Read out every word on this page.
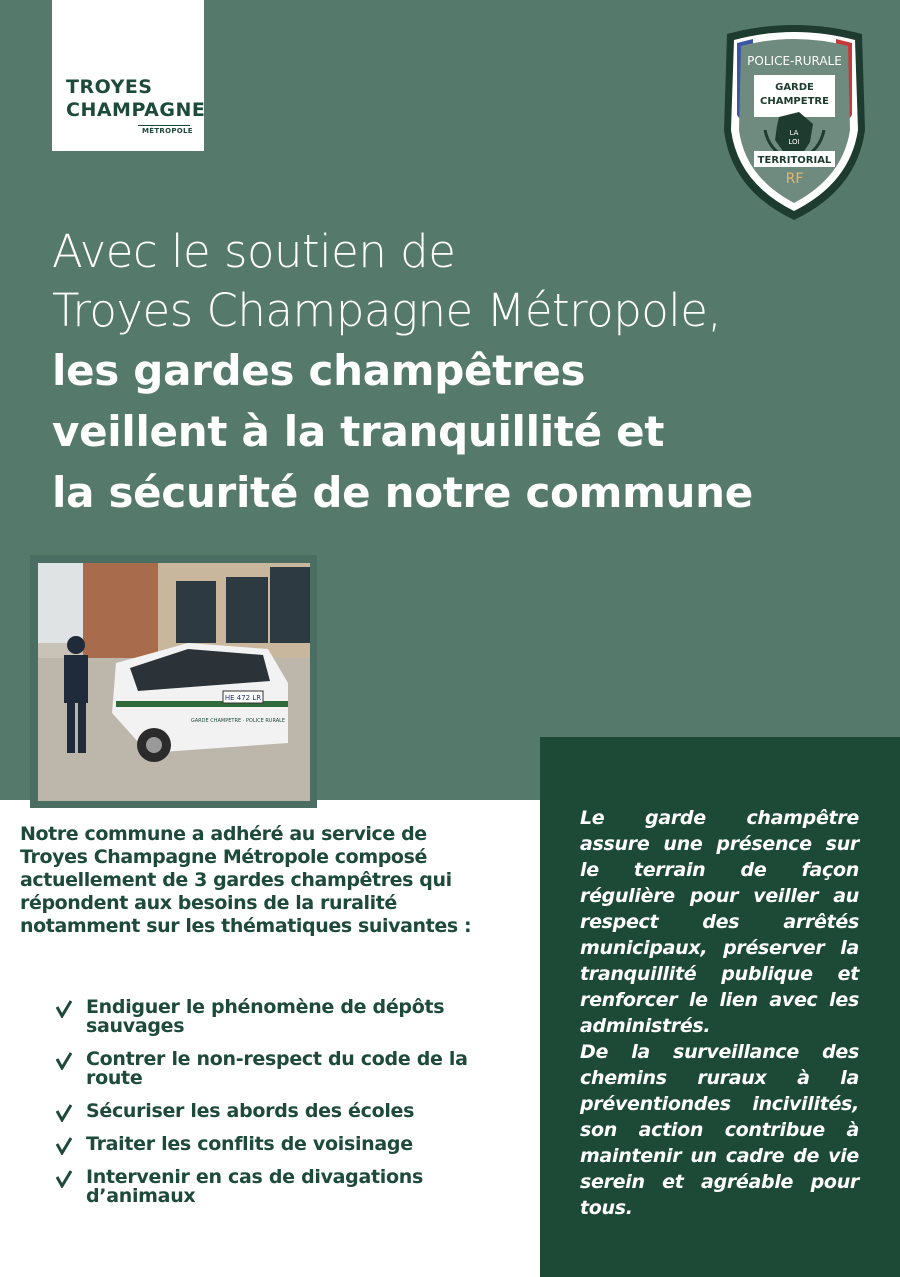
TROYES
CHAMPAGNE
MÉTROPOLE
POLICE-RURALE
GARDE
CHAMPETRE
LA
LOI
TERRITORIAL
RF
Avec le soutien de
Troyes Champagne Métropole,
les gardes champêtres
veillent à la tranquillité et
la sécurité de notre commune
HE 472 LR
GARDE CHAMPETRE · POLICE RURALE
Notre commune a adhéré au service de
Troyes Champagne Métropole composé
actuellement de 3 gardes champêtres qui
répondent aux besoins de la ruralité
notamment sur les thématiques suivantes :
Endiguer le phénomène de dépôts sauvages
Contrer le non-respect du code de la route
Sécuriser les abords des écoles
Traiter les conflits de voisinage
Intervenir en cas de divagations d’animaux

Le garde champêtre assure une présence sur le terrain de façon régulière pour veiller au respect des arrêtés municipaux, préserver la tranquillité publique et renforcer le lien avec les administrés.

De la surveillance des chemins ruraux à la préventiondes incivilités, son action contribue à maintenir un cadre de vie serein et agréable pour tous.
